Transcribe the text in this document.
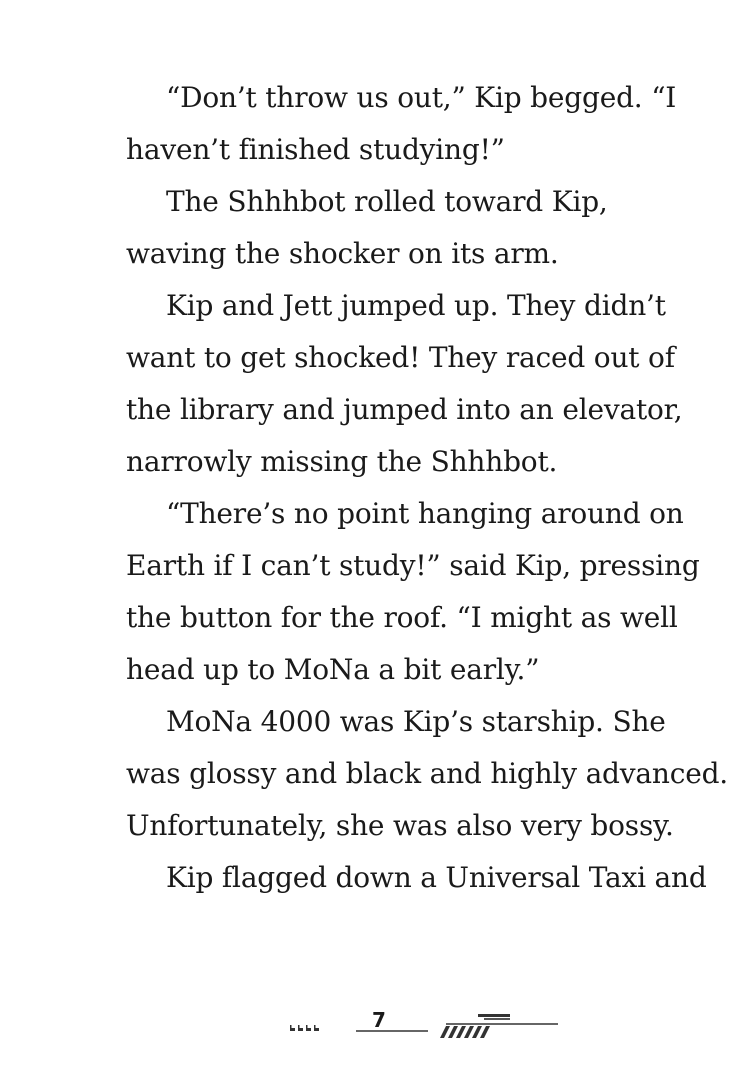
“Don’t throw us out,” Kip begged. “I
haven’t finished studying!”
The Shhhbot rolled toward Kip,
waving the shocker on its arm.
Kip and Jett jumped up. They didn’t
want to get shocked! They raced out of
the library and jumped into an elevator,
narrowly missing the Shhhbot.
“There’s no point hanging around on
Earth if I can’t study!” said Kip, pressing
the button for the roof. “I might as well
head up to MoNa a bit early.”
MoNa 4000 was Kip’s starship. She
was glossy and black and highly advanced.
Unfortunately, she was also very bossy.
Kip flagged down a Universal Taxi and
7
